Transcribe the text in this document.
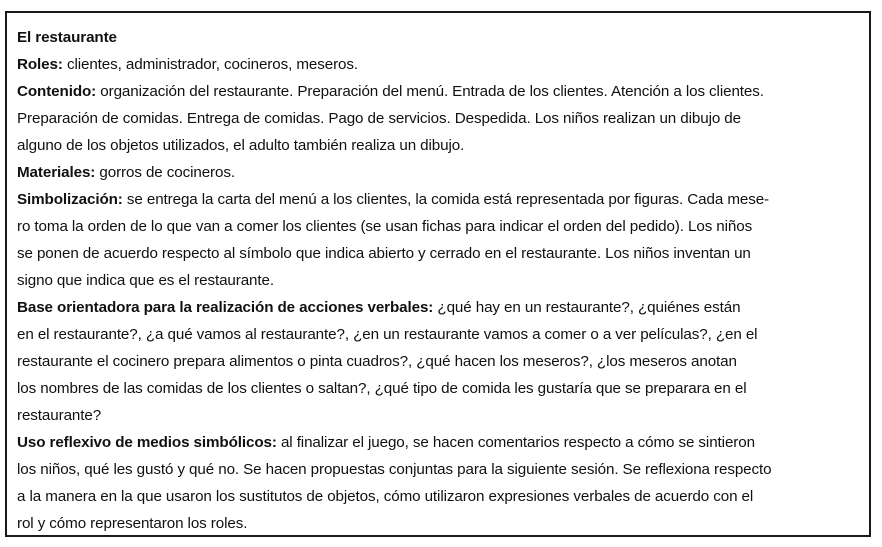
El restaurante
Roles: clientes, administrador, cocineros, meseros.
Contenido: organización del restaurante. Preparación del menú. Entrada de los clientes. Atención a los clientes.
Preparación de comidas. Entrega de comidas. Pago de servicios. Despedida. Los niños realizan un dibujo de
alguno de los objetos utilizados, el adulto también realiza un dibujo.
Materiales: gorros de cocineros.
Simbolización: se entrega la carta del menú a los clientes, la comida está representada por figuras. Cada mese-
ro toma la orden de lo que van a comer los clientes (se usan fichas para indicar el orden del pedido). Los niños
se ponen de acuerdo respecto al símbolo que indica abierto y cerrado en el restaurante. Los niños inventan un
signo que indica que es el restaurante.
Base orientadora para la realización de acciones verbales: ¿qué hay en un restaurante?, ¿quiénes están
en el restaurante?, ¿a qué vamos al restaurante?, ¿en un restaurante vamos a comer o a ver películas?, ¿en el
restaurante el cocinero prepara alimentos o pinta cuadros?, ¿qué hacen los meseros?, ¿los meseros anotan
los nombres de las comidas de los clientes o saltan?, ¿qué tipo de comida les gustaría que se preparara en el
restaurante?
Uso reflexivo de medios simbólicos: al finalizar el juego, se hacen comentarios respecto a cómo se sintieron
los niños, qué les gustó y qué no. Se hacen propuestas conjuntas para la siguiente sesión. Se reflexiona respecto
a la manera en la que usaron los sustitutos de objetos, cómo utilizaron expresiones verbales de acuerdo con el
rol y cómo representaron los roles.
